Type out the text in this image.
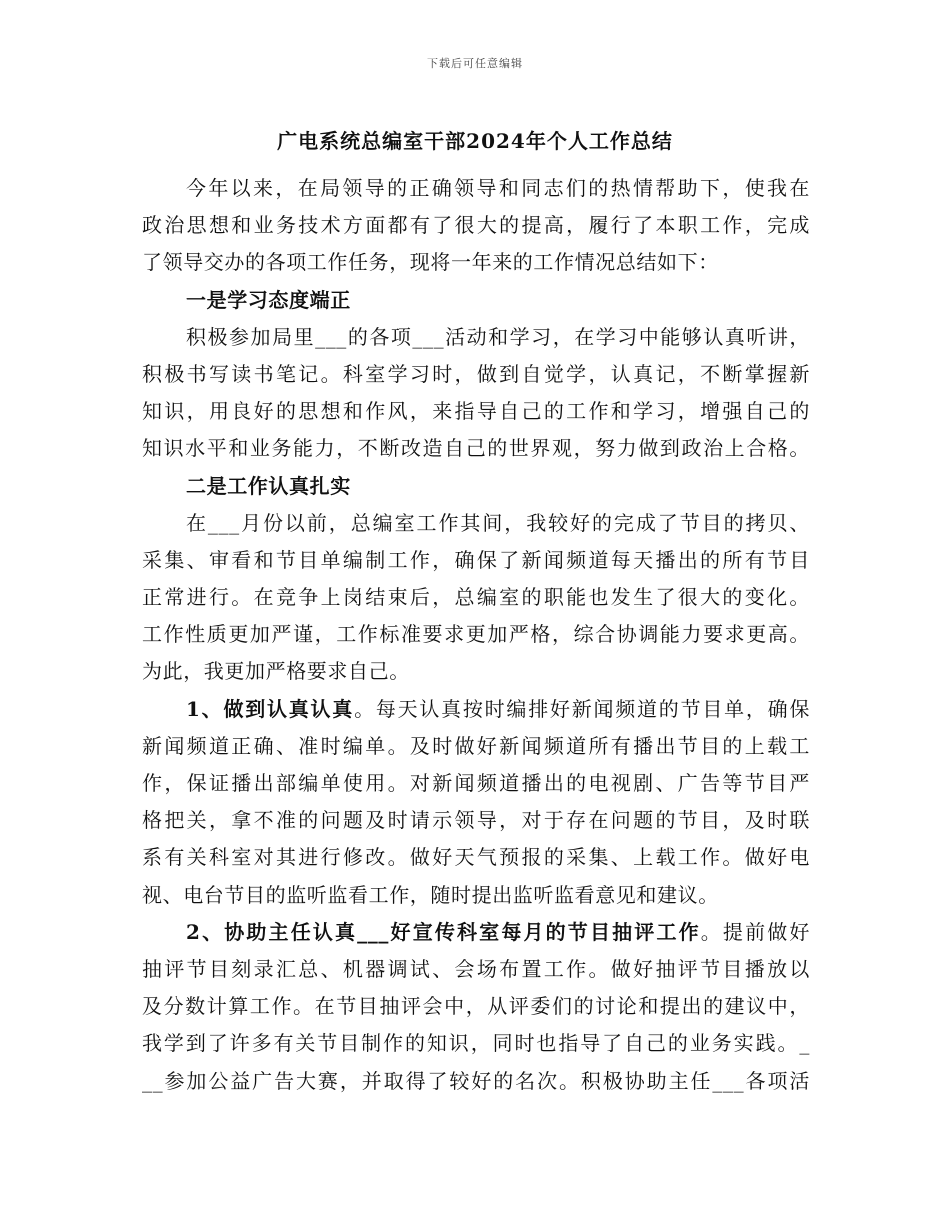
下载后可任意编辑
广电系统总编室干部2024年个人工作总结
今年以来，在局领导的正确领导和同志们的热情帮助下，使我在
政治思想和业务技术方面都有了很大的提高，履行了本职工作，完成
了领导交办的各项工作任务，现将一年来的工作情况总结如下：
一是学习态度端正
积极参加局里___的各项___活动和学习，在学习中能够认真听讲，
积极书写读书笔记。科室学习时，做到自觉学，认真记，不断掌握新
知识，用良好的思想和作风，来指导自己的工作和学习，增强自己的
知识水平和业务能力，不断改造自己的世界观，努力做到政治上合格。
二是工作认真扎实
在___月份以前，总编室工作其间，我较好的完成了节目的拷贝、
采集、审看和节目单编制工作，确保了新闻频道每天播出的所有节目
正常进行。在竞争上岗结束后，总编室的职能也发生了很大的变化。
工作性质更加严谨，工作标准要求更加严格，综合协调能力要求更高。
为此，我更加严格要求自己。
1、做到认真认真。每天认真按时编排好新闻频道的节目单，确保
新闻频道正确、准时编单。及时做好新闻频道所有播出节目的上载工
作，保证播出部编单使用。对新闻频道播出的电视剧、广告等节目严
格把关，拿不准的问题及时请示领导，对于存在问题的节目，及时联
系有关科室对其进行修改。做好天气预报的采集、上载工作。做好电
视、电台节目的监听监看工作，随时提出监听监看意见和建议。
2、协助主任认真___好宣传科室每月的节目抽评工作。提前做好
抽评节目刻录汇总、机器调试、会场布置工作。做好抽评节目播放以
及分数计算工作。在节目抽评会中，从评委们的讨论和提出的建议中，
我学到了许多有关节目制作的知识，同时也指导了自己的业务实践。_
__参加公益广告大赛，并取得了较好的名次。积极协助主任___各项活
